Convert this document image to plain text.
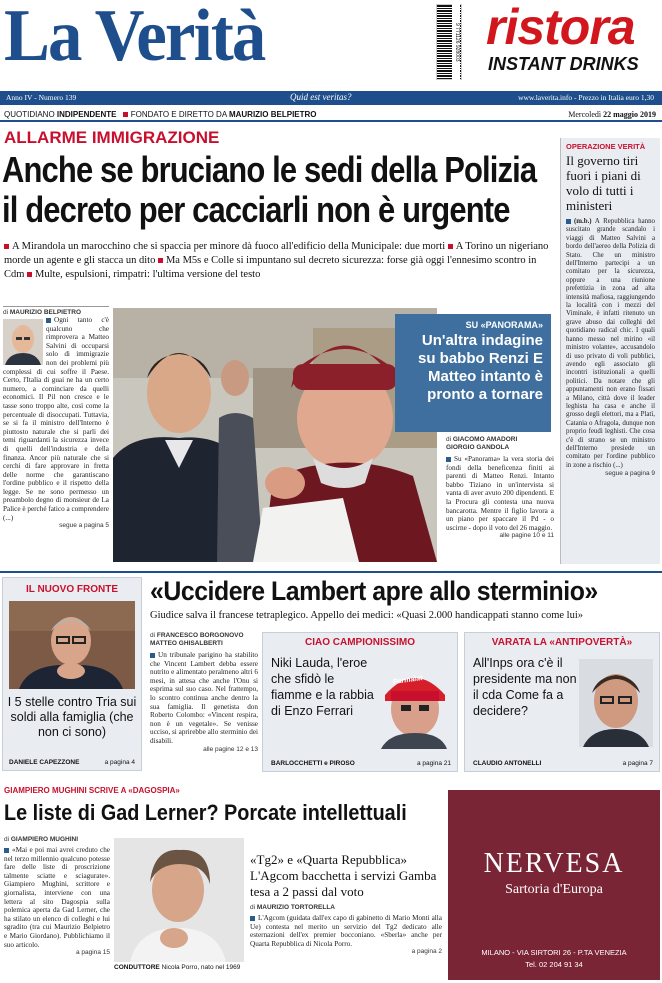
La Verità	9 771126 928003 ristora
INSTANT DRINKS
Anno IV - Numero 139	Quid est veritas?	www.laverita.info - Prezzo in Italia euro 1,30
QUOTIDIANO INDIPENDENTE FONDATO E DIRETTO DA MAURIZIO BELPIETRO	Mercoledì 22 maggio 2019
ALLARME IMMIGRAZIONE
Anche se bruciano le sedi della Polizia
il decreto per cacciarli non è urgente
A Mirandola un marocchino che si spaccia per minore dà fuoco all'edificio della Municipale: due morti A Torino un nigeriano morde un agente e gli stacca un dito Ma M5s e Colle si impuntano sul decreto sicurezza: forse già oggi l'ennesimo scontro in Cdm Multe, espulsioni, rimpatri: l'ultima versione del testo
di MAURIZIO BELPIETRO

Ogni tanto c'è qualcuno che rimprovera a Matteo Salvini di occuparsi solo di immigrazie non dei problemi più complessi di cui soffre il Paese. Certo, l'Italia di guai ne ha un certo numero, a cominciare da quelli economici. Il Pil non cresce e le tasse sono troppo alte, così come la percentuale di disoccupati. Tuttavia, se si fa il ministro dell'Interno è piuttosto naturale che si parli dei temi riguardanti la sicurezza invece di quelli dell'industria e della finanza. Ancor più naturale che si cerchi di fare approvare in fretta delle norme che garantiscano l'ordine pubblico e il rispetto della legge. Se ne sono permesso un preambolo degno di monsieur de La Palice è perché fatico a comprendere (...)

segue a pagina 5
SU «PANORAMA»
Un'altra indagine su babbo Renzi E Matteo intanto è pronto a tornare
di GIACOMO AMADORI
GIORGIO GANDOLA

Su «Panorama» la vera storia dei fondi della beneficenza finiti ai parenti di Matteo Renzi. Intanto babbo Tiziano in un'intervista si vanta di aver avuto 200 dipendenti. E la Procura gli contesta una nuova bancarotta. Mentre il figlio lavora a un piano per spaccare il Pd - o uscirne - dopo il voto del 26 maggio.

alle pagine 10 e 11
OPERAZIONE VERITÀ
Il governo tiri fuori i piani di volo di tutti i ministeri

(m.b.) A Repubblica hanno suscitato grande scandalo i viaggi di Matteo Salvini a bordo dell'aereo della Polizia di Stato. Che un ministro dell'Interno partecipi a un comitato per la sicurezza, oppure a una riunione prefettizia in zona ad alta intensità mafiosa, raggiungendo la località con i mezzi del Viminale, è infatti ritenuto un grave abuso dai colleghi del quotidiano radical chic. I quali hanno messo nel mirino «il ministro volante», accusandolo di uso privato di voli pubblici, avendo egli associato gli incontri istituzionali a quelli politici. Da notare che gli appuntamenti non erano fissati a Milano, città dove il leader leghista ha casa e anche il grosso degli elettori, ma a Platì, Catania o Afragola, dunque non proprio feudi leghisti. Che cosa c'è di strano se un ministro dell'Interno presiede un comitato per l'ordine pubblico in zone a rischio (...)

segue a pagina 9
IL NUOVO FRONTE
I 5 stelle contro Tria sui soldi alla famiglia (che non ci sono)
DANIELE CAPEZZONE	a pagina 4
«Uccidere Lambert apre allo sterminio»
Giudice salva il francese tetraplegico. Appello dei medici: «Quasi 2.000 handicappati stanno come lui»
di FRANCESCO BORGONOVO
MATTEO GHISALBERTI

Un tribunale parigino ha stabilito che Vincent Lambert debba essere nutrito e alimentato peralmeno altri 6 mesi, in attesa che anche l'Onu si esprima sul suo caso. Nel frattempo, lo scontro continua anche dentro la sua famiglia. Il genetista don Roberto Colombo: «Vincent respira, non è un vegetale». Se venisse ucciso, si aprirebbe allo sterminio dei disabili.

alle pagine 12 e 13
CIAO CAMPIONISSIMO
Niki Lauda, l'eroe che sfidò le fiamme e la rabbia di Enzo Ferrari
Parmalat
BARLOCCHETTI e PIROSO	a pagina 21
VARATA LA «ANTIPOVERTÀ»
All'Inps ora c'è il presidente ma non il cda Come fa a decidere?
CLAUDIO ANTONELLI	a pagina 7
GIAMPIERO MUGHINI SCRIVE A «DAGOSPIA»
Le liste di Gad Lerner? Porcate intellettuali
di GIAMPIERO MUGHINI

«Mai e poi mai avrei creduto che nel terzo millennio qualcuno potesse fare delle liste di proscrizione talmente sciatte e sciagurate». Giampiero Mughini, scrittore e giornalista, interviene con una lettera al sito Dagospia sulla polemica aperta da Gad Lerner, che ha stilato un elenco di colleghi e lui sgradito (tra cui Maurizio Belpietro e Mario Giordano). Pubblichiamo il suo articolo.

a pagina 15
CONDUTTORE Nicola Porro, nato nel 1969
«Tg2» e «Quarta Repubblica» L'Agcom bacchetta i servizi Gamba tesa a 2 passi dal voto
di MAURIZIO TORTORELLA

L'Agcom (guidata dall'ex capo di gabinetto di Mario Monti alla Ue) contesta nel merito un servizio del Tg2 dedicato alle esternazioni dell'ex premier bocconiano. «Sberla» anche per Quarta Repubblica di Nicola Porro.

a pagina 2
NERVESA
Sartoria d'Europa
MILANO - VIA SIRTORI 26 - P.TA VENEZIA
Tel. 02 204 91 34
